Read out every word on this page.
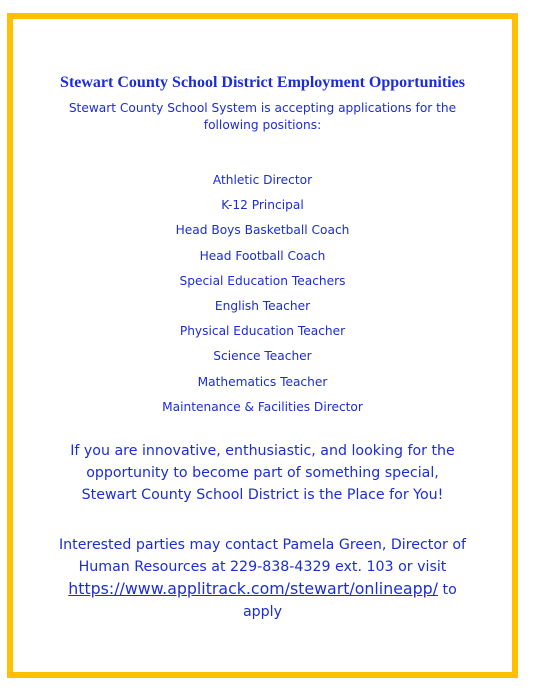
Stewart County School District Employment Opportunities
Stewart County School System is accepting applications for the following positions:
Athletic Director
K-12 Principal
Head Boys Basketball Coach
Head Football Coach
Special Education Teachers
English Teacher
Physical Education Teacher
Science Teacher
Mathematics Teacher
Maintenance & Facilities Director
If you are innovative, enthusiastic, and looking for the opportunity to become part of something special, Stewart County School District is the Place for You!
Interested parties may contact Pamela Green, Director of Human Resources at 229-838-4329 ext. 103 or visit https://www.applitrack.com/stewart/onlineapp/ to apply
